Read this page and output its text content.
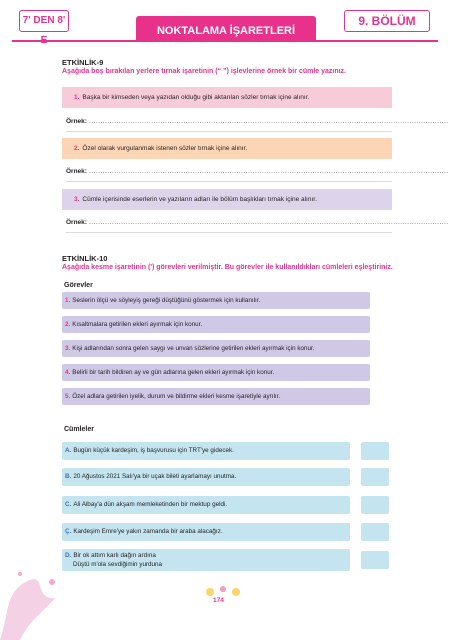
7' DEN 8' E
NOKTALAMA İŞARETLERİ
9. BÖLÜM
ETKİNLİK-9
Aşağıda boş bırakılan yerlere tırnak işaretinin (“ ”) işlevlerine örnek bir cümle yazınız.
1. Başka bir kimseden veya yazıdan olduğu gibi aktarılan sözler tırnak içine alınır.
Örnek: ............................................................................................................................................................
2. Özel olarak vurgulanmak istenen sözler tırnak içine alınır.
Örnek: ............................................................................................................................................................
3. Cümle içerisinde eserlerin ve yazıların adları ile bölüm başlıkları tırnak içine alınır.
Örnek: ............................................................................................................................................................
ETKİNLİK-10
Aşağıda kesme işaretinin (') görevleri verilmiştir. Bu görevler ile kullanıldıkları cümleleri eşleştiriniz.
Görevler
1. Seslerin ölçü ve söyleyiş gereği düştüğünü göstermek için kullanılır.
2. Kısaltmalara getirilen ekleri ayırmak için konur.
3. Kişi adlarından sonra gelen saygı ve unvan sözlerine getirilen ekleri ayırmak için konur.
4. Belirli bir tarih bildiren ay ve gün adlarına gelen ekleri ayırmak için konur.
5. Özel adlara getirilen iyelik, durum ve bildirme ekleri kesme işaretiyle ayrılır.
Cümleler
A. Bugün küçük kardeşim, iş başvurusu için TRT'ye gidecek.
B. 20 Ağustos 2021 Salı'ya bir uçak bileti ayarlamayı unutma.
C. Ali Albay'a dün akşam memleketinden bir mektup geldi.
Ç. Kardeşim Emre'ye yakın zamanda bir araba alacağız.
D. Bir ok attım karlı dağın ardına
Düştü m'ola sevdiğimin yurduna
174
